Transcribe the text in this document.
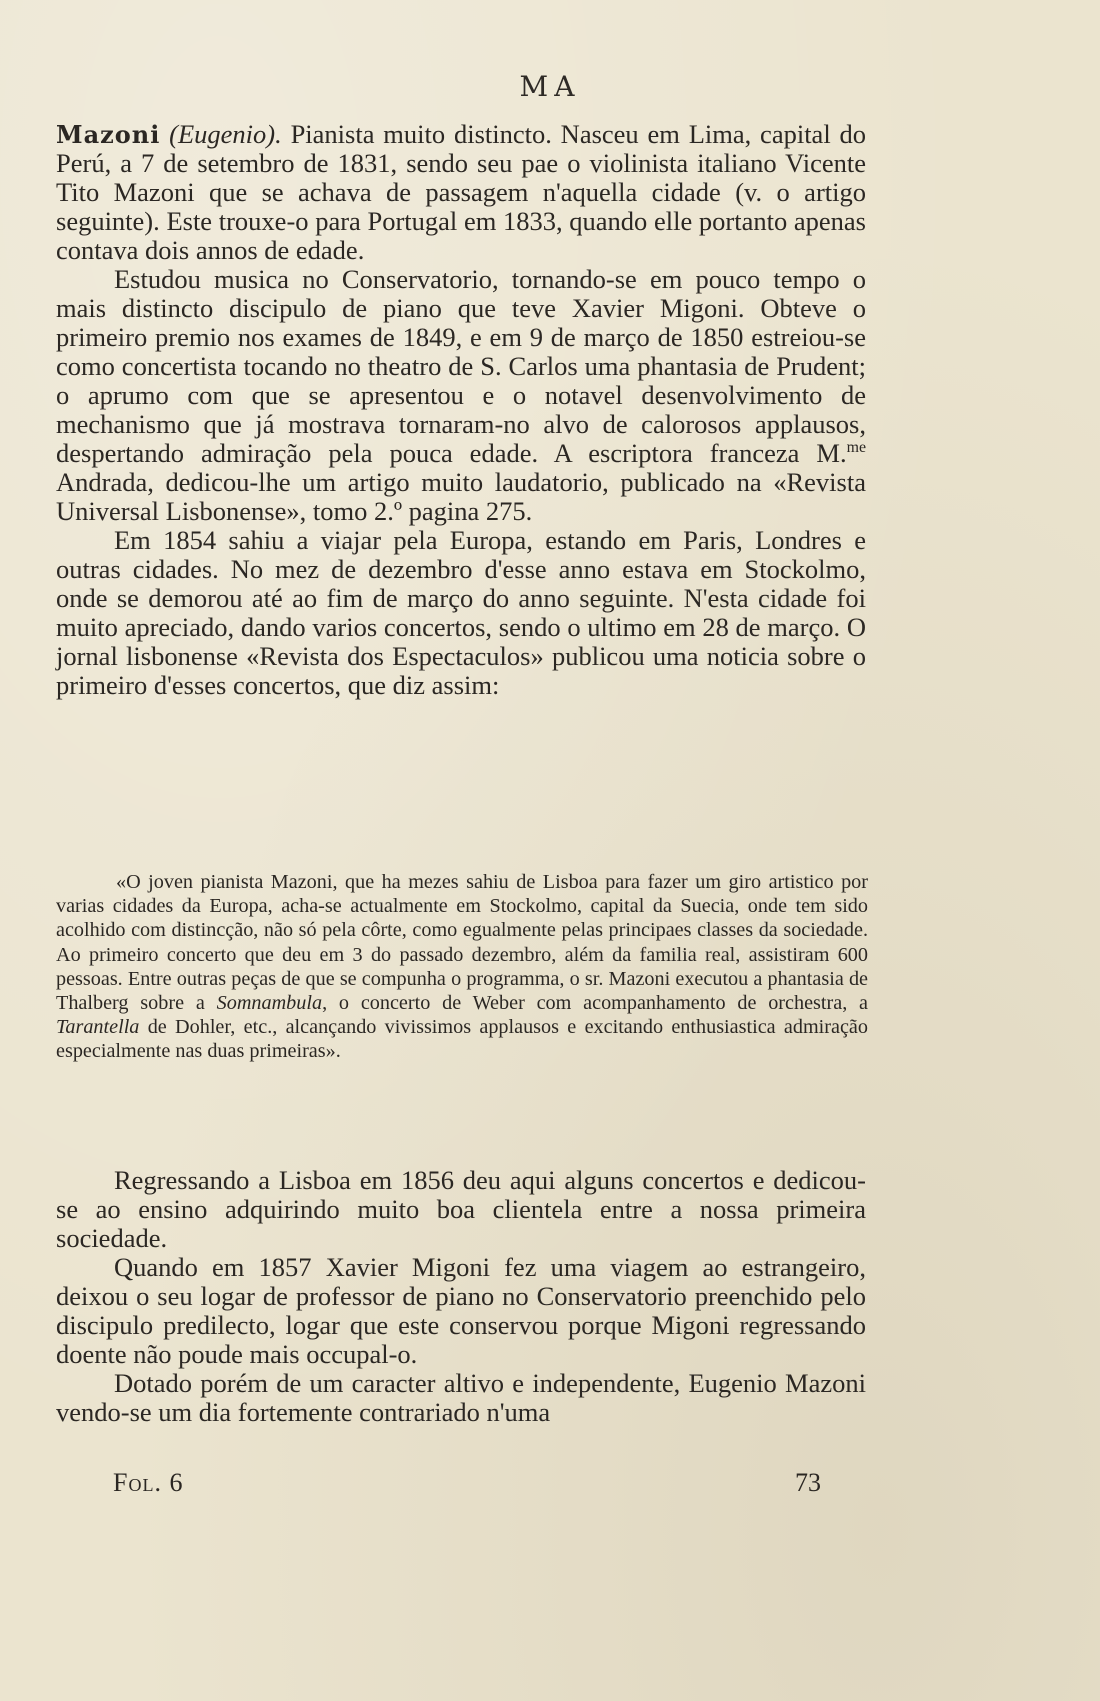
MA

Mazoni (Eugenio). Pianista muito distincto. Nasceu em Lima, capital do Perú, a 7 de setembro de 1831, sendo seu pae o violinista italiano Vicente Tito Mazoni que se achava de passagem n'aquella cidade (v. o artigo seguinte). Este trouxe-o para Portugal em 1833, quando elle portanto apenas contava dois annos de edade.

Estudou musica no Conservatorio, tornando-se em pouco tempo o mais distincto discipulo de piano que teve Xavier Migoni. Obteve o primeiro premio nos exames de 1849, e em 9 de março de 1850 estreiou-se como concertista tocando no theatro de S. Carlos uma phantasia de Prudent; o aprumo com que se apresentou e o notavel desenvolvimento de mechanismo que já mostrava tornaram-no alvo de calorosos applausos, despertando admiração pela pouca edade. A escriptora franceza M.$^{me}$ Andrada, dedicou-lhe um artigo muito laudatorio, publicado na «Revista Universal Lisbonense», tomo 2.º pagina 275.

Em 1854 sahiu a viajar pela Europa, estando em Paris, Londres e outras cidades. No mez de dezembro d'esse anno estava em Stockolmo, onde se demorou até ao fim de março do anno seguinte. N'esta cidade foi muito apreciado, dando varios concertos, sendo o ultimo em 28 de março. O jornal lisbonense «Revista dos Espectaculos» publicou uma noticia sobre o primeiro d'esses concertos, que diz assim:

«O joven pianista Mazoni, que ha mezes sahiu de Lisboa para fazer um giro artistico por varias cidades da Europa, acha-se actualmente em Stockolmo, capital da Suecia, onde tem sido acolhido com distincção, não só pela côrte, como egualmente pelas principaes classes da sociedade. Ao primeiro concerto que deu em 3 do passado dezembro, além da familia real, assistiram 600 pessoas. Entre outras peças de que se compunha o programma, o sr. Mazoni executou a phantasia de Thalberg sobre a Somnambula, o concerto de Weber com acompanhamento de orchestra, a Tarantella de Dohler, etc., alcançando vivissimos applausos e excitando enthusiastica admiração especialmente nas duas primeiras».

Regressando a Lisboa em 1856 deu aqui alguns concertos e dedicou-se ao ensino adquirindo muito boa clientela entre a nossa primeira sociedade.

Quando em 1857 Xavier Migoni fez uma viagem ao estrangeiro, deixou o seu logar de professor de piano no Conservatorio preenchido pelo discipulo predilecto, logar que este conservou porque Migoni regressando doente não poude mais occupal-o.

Dotado porém de um caracter altivo e independente, Eugenio Mazoni vendo-se um dia fortemente contrariado n'uma

Fol. 6	73
